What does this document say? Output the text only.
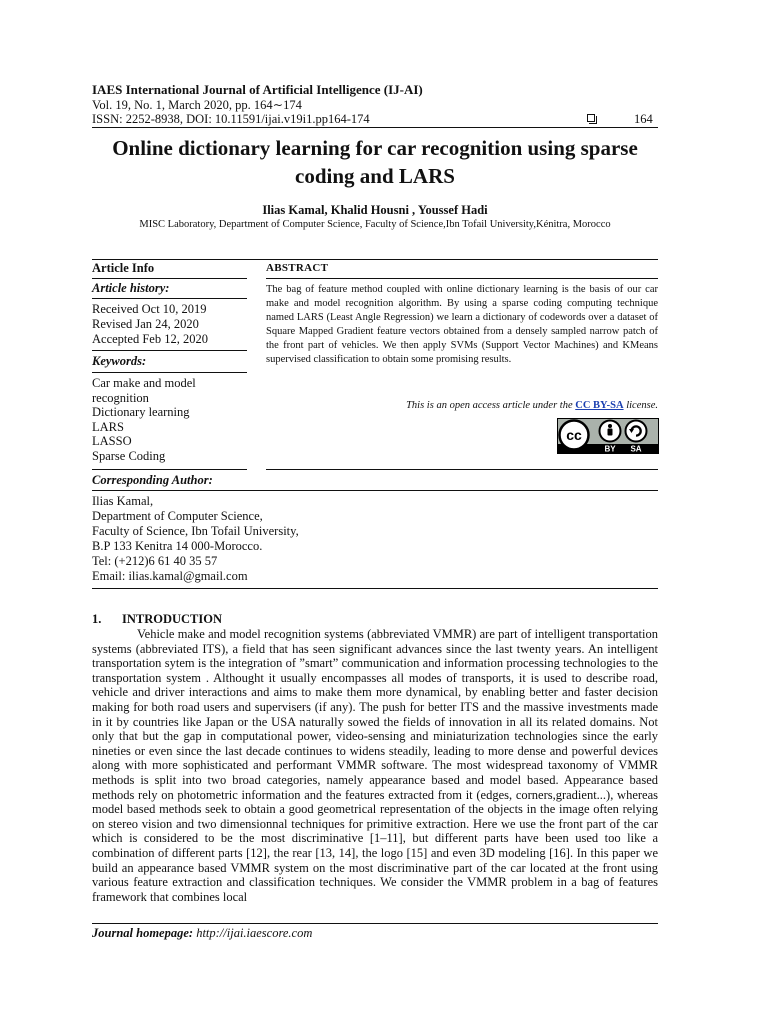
IAES International Journal of Artificial Intelligence (IJ-AI)
Vol. 19, No. 1, March 2020, pp. 164∼174
ISSN: 2252-8938, DOI: 10.11591/ijai.v19i1.pp164-174	164
Online dictionary learning for car recognition using sparse coding and LARS
Ilias Kamal, Khalid Housni , Youssef Hadi
MISC Laboratory, Department of Computer Science, Faculty of Science,Ibn Tofail University,Kénitra, Morocco
Article Info	ABSTRACT
Article history:
Received Oct 10, 2019
Revised Jan 24, 2020
Accepted Feb 12, 2020
Keywords:
Car make and model
recognition
Dictionary learning
LARS
LASSO
Sparse Coding
Corresponding Author:
Ilias Kamal,
Department of Computer Science,
Faculty of Science, Ibn Tofail University,
B.P 133 Kenitra 14 000-Morocco.
Tel: (+212)6 61 40 35 57
Email: ilias.kamal@gmail.com
The bag of feature method coupled with online dictionary learning is the basis of our car make and model recognition algorithm. By using a sparse coding computing technique named LARS (Least Angle Regression) we learn a dictionary of codewords over a dataset of Square Mapped Gradient feature vectors obtained from a densely sampled narrow patch of the front part of vehicles. We then apply SVMs (Support Vector Machines) and KMeans supervised classification to obtain some promising results.
This is an open access article under the CC BY-SA license.
cc
BY SA
1. INTRODUCTION

Vehicle make and model recognition systems (abbreviated VMMR) are part of intelligent transportation systems (abbreviated ITS), a field that has seen significant advances since the last twenty years. An intelligent transportation sytem is the integration of ”smart” communication and information processing technologies to the transportation system . Althought it usually encompasses all modes of transports, it is used to describe road, vehicle and driver interactions and aims to make them more dynamical, by enabling better and faster decision making for both road users and supervisers (if any). The push for better ITS and the massive investments made in it by countries like Japan or the USA naturally sowed the fields of innovation in all its related domains. Not only that but the gap in computational power, video-sensing and miniaturization technologies since the early nineties or even since the last decade continues to widens steadily, leading to more dense and powerful devices along with more sophisticated and performant VMMR software. The most widespread taxonomy of VMMR methods is split into two broad categories, namely appearance based and model based. Appearance based methods rely on photometric information and the features extracted from it (edges, corners,gradient...), whereas model based methods seek to obtain a good geometrical representation of the objects in the image often relying on stereo vision and two dimensionnal techniques for primitive extraction. Here we use the front part of the car which is considered to be the most discriminative [1–11], but different parts have been used too like a combination of different parts [12], the rear [13, 14], the logo [15] and even 3D modeling [16]. In this paper we build an appearance based VMMR system on the most discriminative part of the car located at the front using various feature extraction and classification techniques. We consider the VMMR problem in a bag of features framework that combines local

Journal homepage: http://ijai.iaescore.com
